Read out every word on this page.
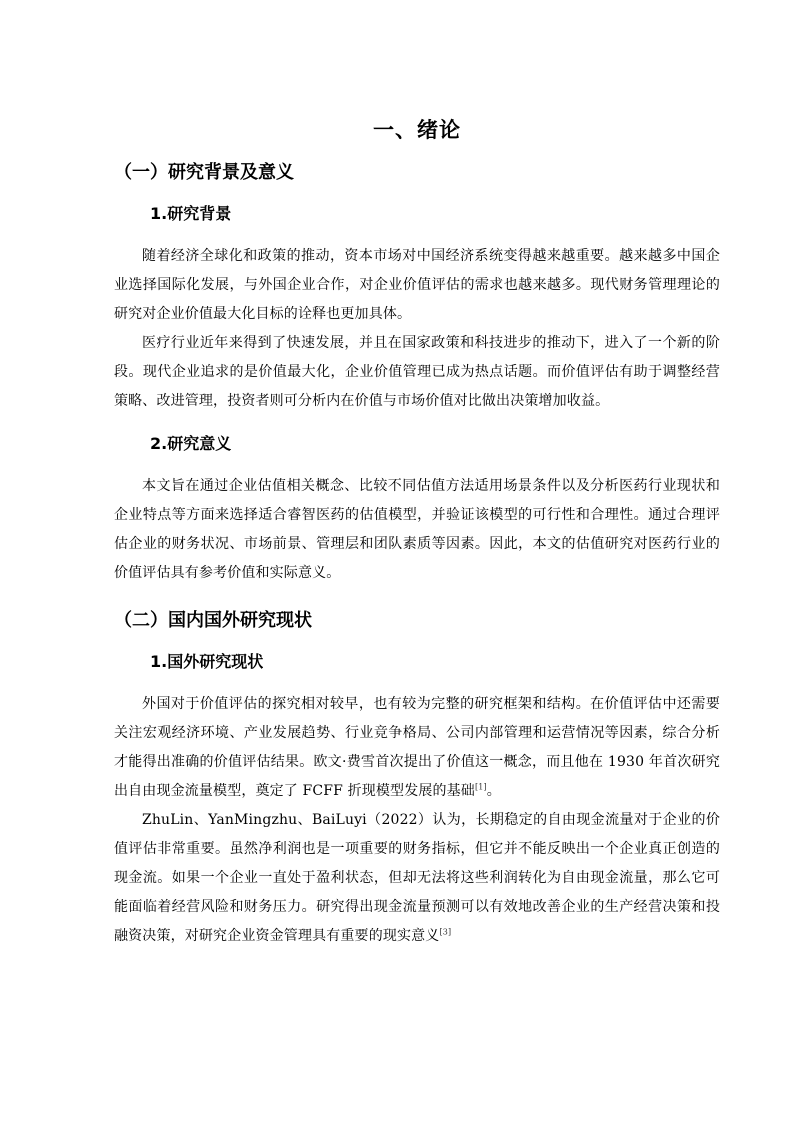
一、绪论
（一）研究背景及意义
1.研究背景

随着经济全球化和政策的推动，资本市场对中国经济系统变得越来越重要。越来越多中国企业选择国际化发展，与外国企业合作，对企业价值评估的需求也越来越多。现代财务管理理论的研究对企业价值最大化目标的诠释也更加具体。

医疗行业近年来得到了快速发展，并且在国家政策和科技进步的推动下，进入了一个新的阶段。现代企业追求的是价值最大化，企业价值管理已成为热点话题。而价值评估有助于调整经营策略、改进管理，投资者则可分析内在价值与市场价值对比做出决策增加收益。

2.研究意义

本文旨在通过企业估值相关概念、比较不同估值方法适用场景条件以及分析医药行业现状和企业特点等方面来选择适合睿智医药的估值模型，并验证该模型的可行性和合理性。通过合理评估企业的财务状况、市场前景、管理层和团队素质等因素。因此，本文的估值研究对医药行业的价值评估具有参考价值和实际意义。

（二）国内国外研究现状
1.国外研究现状

外国对于价值评估的探究相对较早，也有较为完整的研究框架和结构。在价值评估中还需要关注宏观经济环境、产业发展趋势、行业竞争格局、公司内部管理和运营情况等因素，综合分析才能得出准确的价值评估结果。欧文·费雪首次提出了价值这一概念，而且他在 1930 年首次研究出自由现金流量模型，奠定了 FCFF 折现模型发展的基础[1]。

ZhuLin、YanMingzhu、BaiLuyi（2022）认为，长期稳定的自由现金流量对于企业的价值评估非常重要。虽然净利润也是一项重要的财务指标，但它并不能反映出一个企业真正创造的现金流。如果一个企业一直处于盈利状态，但却无法将这些利润转化为自由现金流量，那么它可能面临着经营风险和财务压力。研究得出现金流量预测可以有效地改善企业的生产经营决策和投融资决策，对研究企业资金管理具有重要的现实意义[3]
